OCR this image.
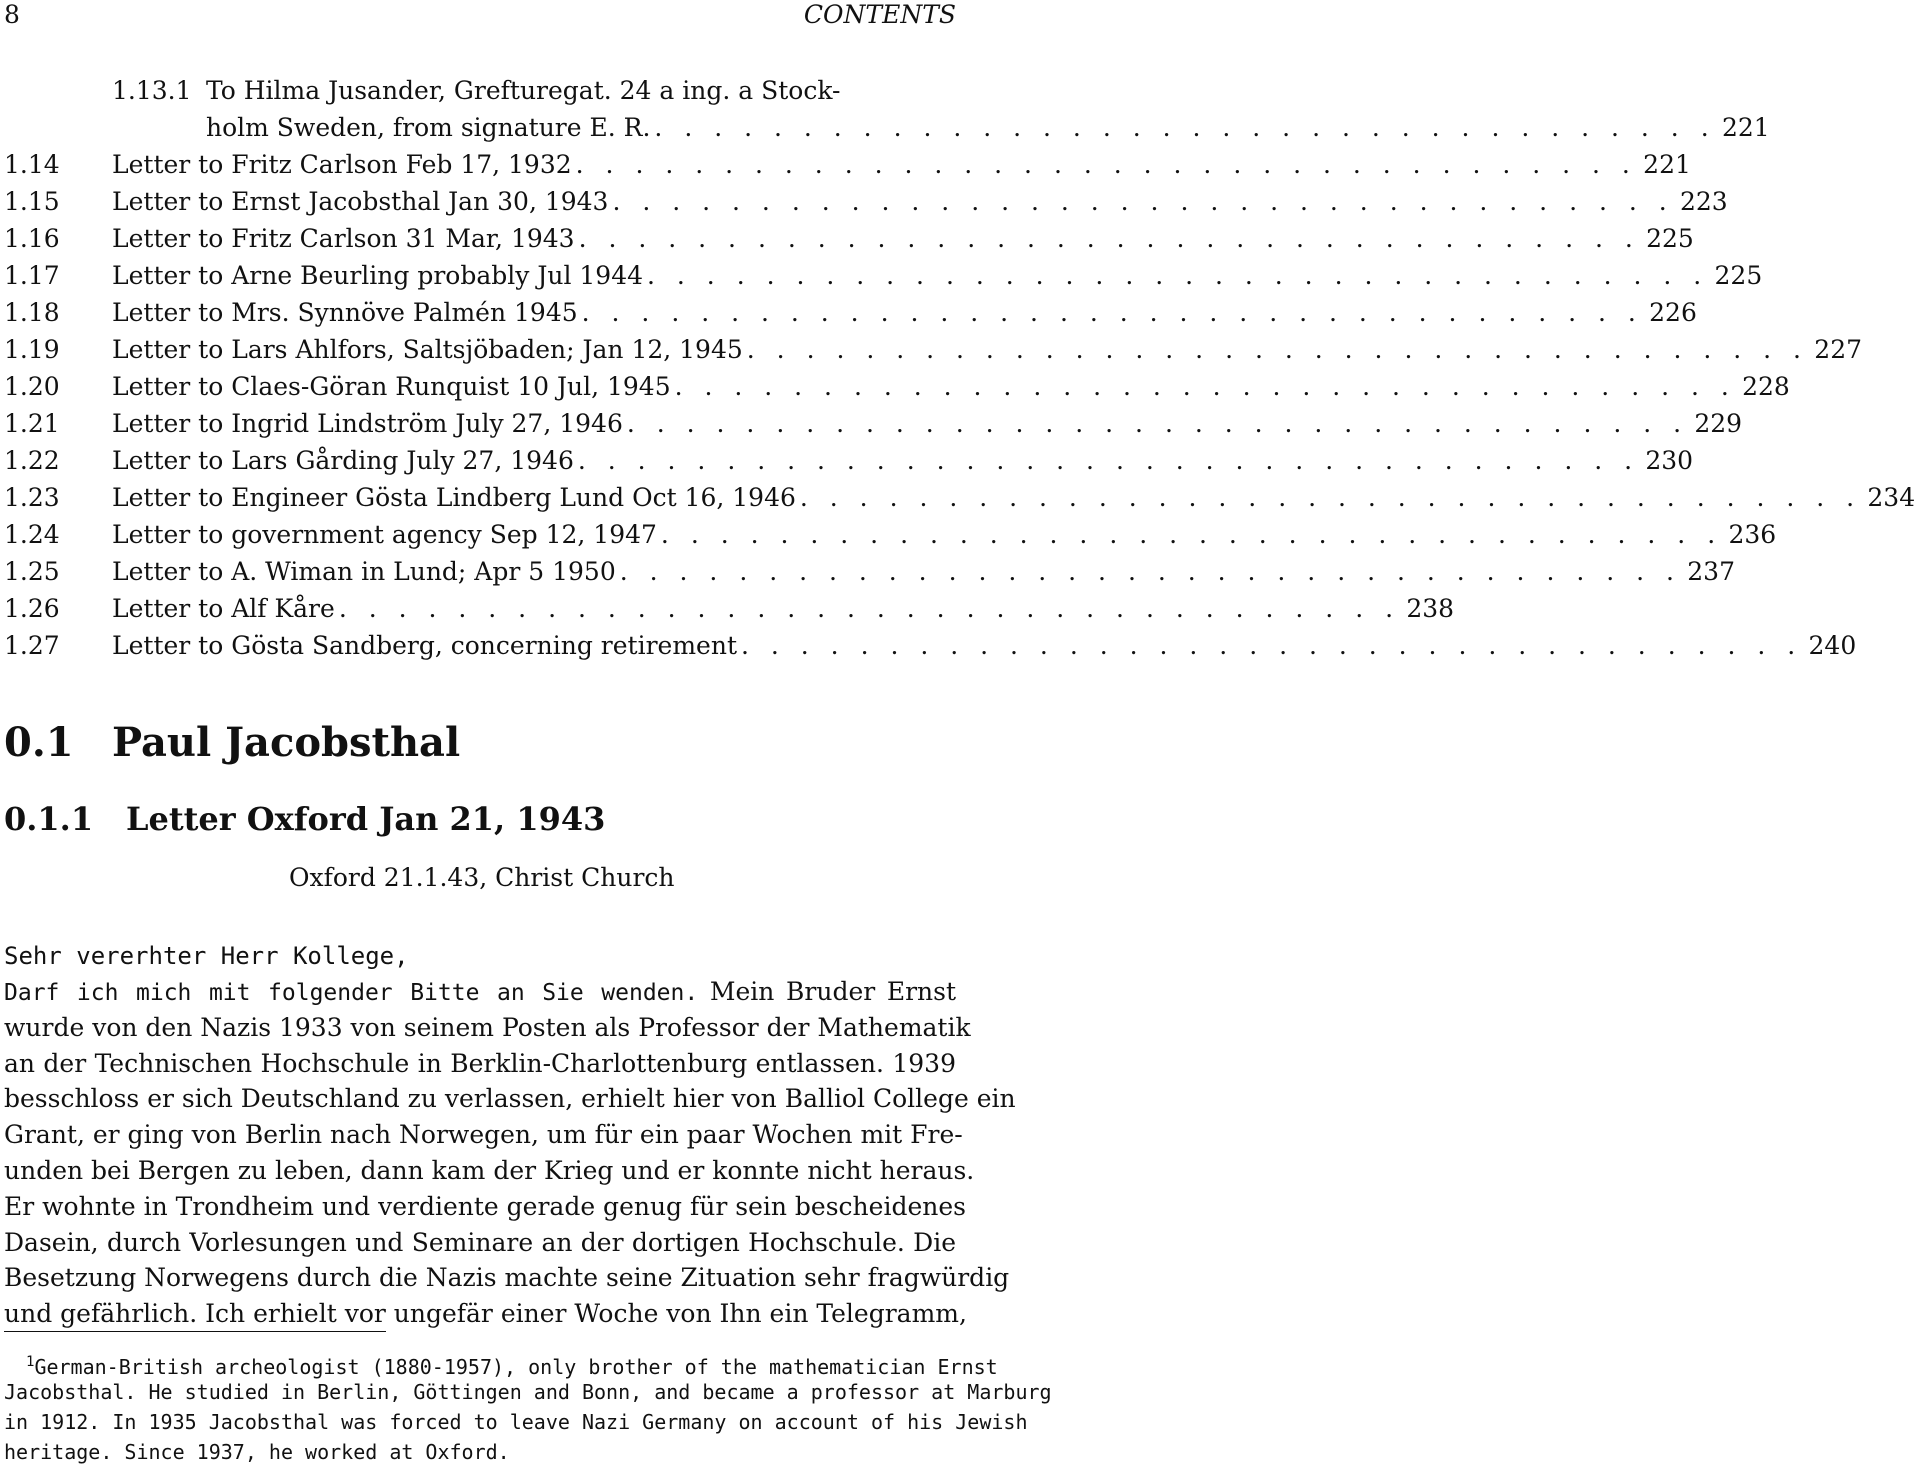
8	CONTENTS
1.13.1 To Hilma Jusander, Grefturegat. 24 a ing. a Stock-
holm Sweden, from signature E. R. . . . . . . . . . . . . . . . . . . . . . . . . . . . . . . . . . . . . 221
1.14	Letter to Fritz Carlson Feb 17, 1932 . . . . . . . . . . . . . . . . . . . . . . . . . . . . . . . . . . . . 221
1.15	Letter to Ernst Jacobsthal Jan 30, 1943 . . . . . . . . . . . . . . . . . . . . . . . . . . . . . . . . . . . . 223
1.16	Letter to Fritz Carlson 31 Mar, 1943 . . . . . . . . . . . . . . . . . . . . . . . . . . . . . . . . . . . . 225
1.17	Letter to Arne Beurling probably Jul 1944 . . . . . . . . . . . . . . . . . . . . . . . . . . . . . . . . . . . . 225
1.18	Letter to Mrs. Synnöve Palmén 1945 . . . . . . . . . . . . . . . . . . . . . . . . . . . . . . . . . . . . 226
1.19	Letter to Lars Ahlfors, Saltsjöbaden; Jan 12, 1945 . . . . . . . . . . . . . . . . . . . . . . . . . . . . . . . . . . . . 227
1.20	Letter to Claes-Göran Runquist 10 Jul, 1945 . . . . . . . . . . . . . . . . . . . . . . . . . . . . . . . . . . . . 228
1.21	Letter to Ingrid Lindström July 27, 1946 . . . . . . . . . . . . . . . . . . . . . . . . . . . . . . . . . . . . 229
1.22	Letter to Lars Gårding July 27, 1946 . . . . . . . . . . . . . . . . . . . . . . . . . . . . . . . . . . . . 230
1.23	Letter to Engineer Gösta Lindberg Lund Oct 16, 1946 . . . . . . . . . . . . . . . . . . . . . . . . . . . . . . . . . . . . 234
1.24	Letter to government agency Sep 12, 1947 . . . . . . . . . . . . . . . . . . . . . . . . . . . . . . . . . . . . 236
1.25	Letter to A. Wiman in Lund; Apr 5 1950 . . . . . . . . . . . . . . . . . . . . . . . . . . . . . . . . . . . . 237
1.26	Letter to Alf Kåre . . . . . . . . . . . . . . . . . . . . . . . . . . . . . . . . . . . . 238
1.27	Letter to Gösta Sandberg, concerning retirement . . . . . . . . . . . . . . . . . . . . . . . . . . . . . . . . . . . . 240
0.1 Paul Jacobsthal
0.1.1 Letter Oxford Jan 21, 1943
Oxford 21.1.43, Christ Church
Sehr vererhter Herr Kollege,
Darf ich mich mit folgender Bitte an Sie wenden. Mein Bruder Ernst
wurde von den Nazis 1933 von seinem Posten als Professor der Mathematik
an der Technischen Hochschule in Berklin-Charlottenburg entlassen. 1939
besschloss er sich Deutschland zu verlassen, erhielt hier von Balliol College ein
Grant, er ging von Berlin nach Norwegen, um für ein paar Wochen mit Fre-
unden bei Bergen zu leben, dann kam der Krieg und er konnte nicht heraus.
Er wohnte in Trondheim und verdiente gerade genug für sein bescheidenes
Dasein, durch Vorlesungen und Seminare an der dortigen Hochschule. Die
Besetzung Norwegens durch die Nazis machte seine Zituation sehr fragwürdig
und gefährlich. Ich erhielt vor ungefär einer Woche von Ihn ein Telegramm,
$^1$German-British archeologist (1880-1957), only brother of the mathematician Ernst
Jacobsthal. He studied in Berlin, Göttingen and Bonn, and became a professor at Marburg
in 1912. In 1935 Jacobsthal was forced to leave Nazi Germany on account of his Jewish
heritage. Since 1937, he worked at Oxford.
